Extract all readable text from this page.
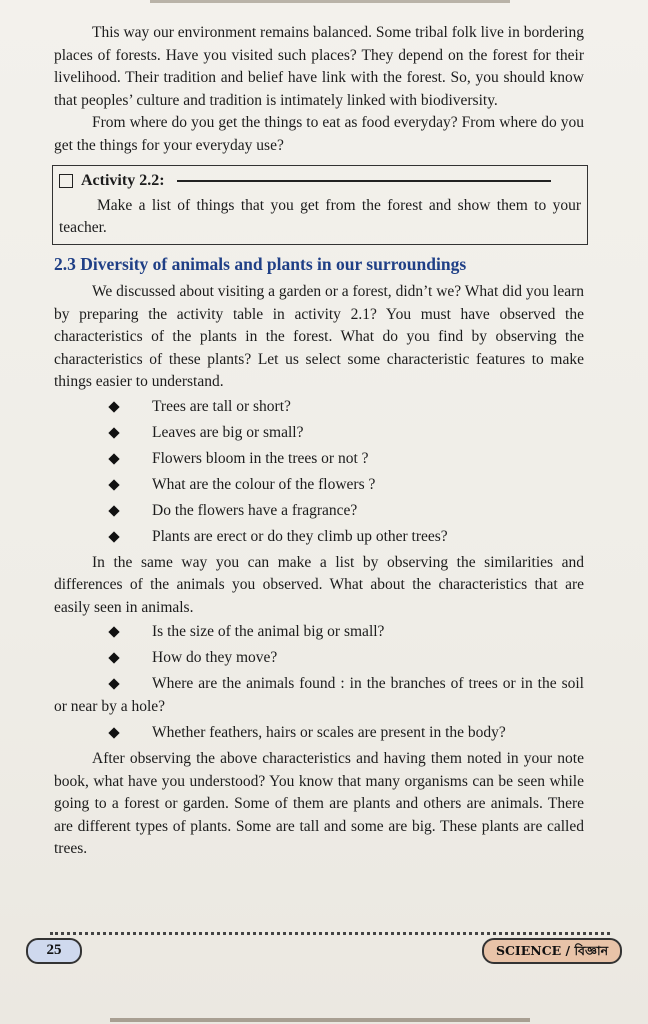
This way our environment remains balanced. Some tribal folk live in bordering places of forests. Have you visited such places? They depend on the forest for their livelihood. Their tradition and belief have link with the forest. So, you should know that peoples’ culture and tradition is intimately linked with biodiversity.

From where do you get the things to eat as food everyday? From where do you get the things for your everyday use?

Activity 2.2:

Make a list of things that you get from the forest and show them to your teacher.

2.3 Diversity of animals and plants in our surroundings

We discussed about visiting a garden or a forest, didn’t we? What did you learn by preparing the activity table in activity 2.1? You must have observed the characteristics of the plants in the forest. What do you find by observing the characteristics of these plants? Let us select some characteristic features to make things easier to understand.

Trees are tall or short?
Leaves are big or small?
Flowers bloom in the trees or not ?
What are the colour of the flowers ?
Do the flowers have a fragrance?
Plants are erect or do they climb up other trees?

In the same way you can make a list by observing the similarities and differences of the animals you observed. What about the characteristics that are easily seen in animals.

Is the size of the animal big or small?
How do they move?

Where are the animals found : in the branches of trees or in the soil or near by a hole?

Whether feathers, hairs or scales are present in the body?

After observing the above characteristics and having them noted in your note book, what have you understood? You know that many organisms can be seen while going to a forest or garden. Some of them are plants and others are animals. There are different types of plants. Some are tall and some are big. These plants are called trees.

25	SCIENCE / বিজ্ঞান
